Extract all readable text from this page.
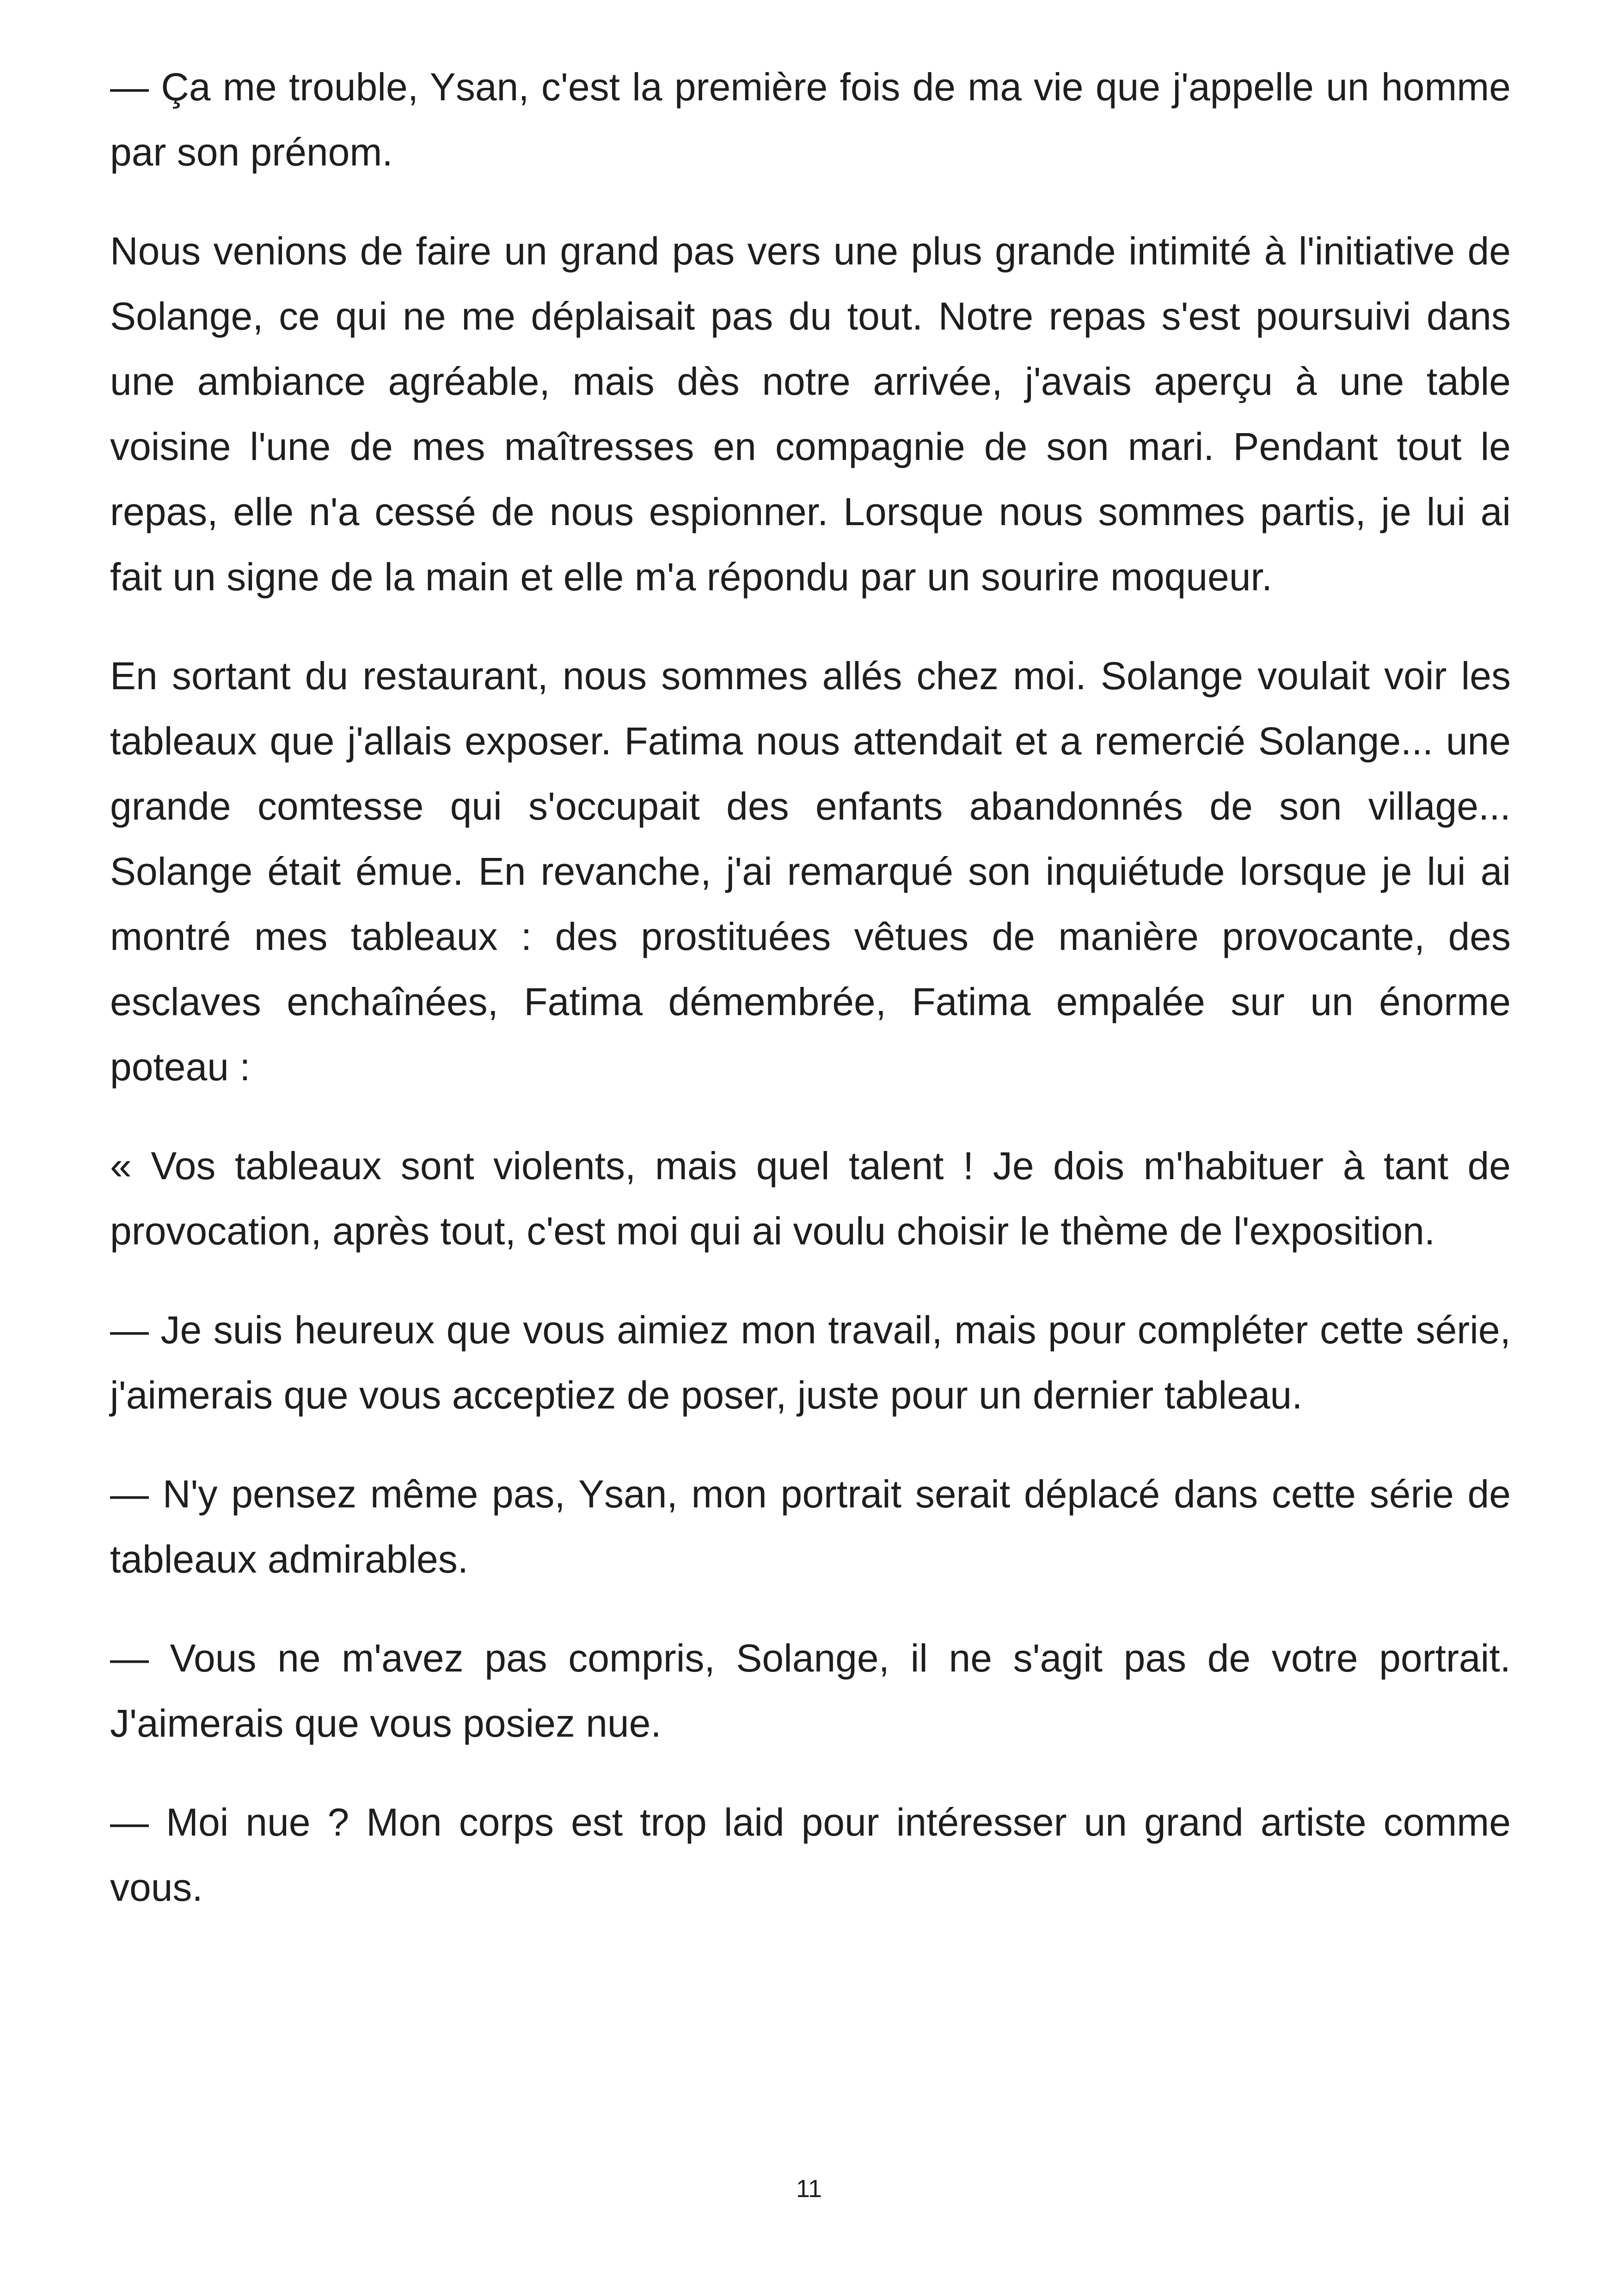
— Ça me trouble, Ysan, c'est la première fois de ma vie que j'appelle un homme par son prénom.

Nous venions de faire un grand pas vers une plus grande intimité à l'initiative de Solange, ce qui ne me déplaisait pas du tout. Notre repas s'est poursuivi dans une ambiance agréable, mais dès notre arrivée, j'avais aperçu à une table voisine l'une de mes maîtresses en compagnie de son mari. Pendant tout le repas, elle n'a cessé de nous espionner. Lorsque nous sommes partis, je lui ai fait un signe de la main et elle m'a répondu par un sourire moqueur.

En sortant du restaurant, nous sommes allés chez moi. Solange voulait voir les tableaux que j'allais exposer. Fatima nous attendait et a remercié Solange... une grande comtesse qui s'occupait des enfants abandonnés de son village... Solange était émue. En revanche, j'ai remarqué son inquiétude lorsque je lui ai montré mes tableaux : des prostituées vêtues de manière provocante, des esclaves enchaînées, Fatima démembrée, Fatima empalée sur un énorme poteau :

« Vos tableaux sont violents, mais quel talent ! Je dois m'habituer à tant de provocation, après tout, c'est moi qui ai voulu choisir le thème de l'exposition.

— Je suis heureux que vous aimiez mon travail, mais pour compléter cette série, j'aimerais que vous acceptiez de poser, juste pour un dernier tableau.

— N'y pensez même pas, Ysan, mon portrait serait déplacé dans cette série de tableaux admirables.

— Vous ne m'avez pas compris, Solange, il ne s'agit pas de votre portrait. J'aimerais que vous posiez nue.

— Moi nue ? Mon corps est trop laid pour intéresser un grand artiste comme vous.

11
